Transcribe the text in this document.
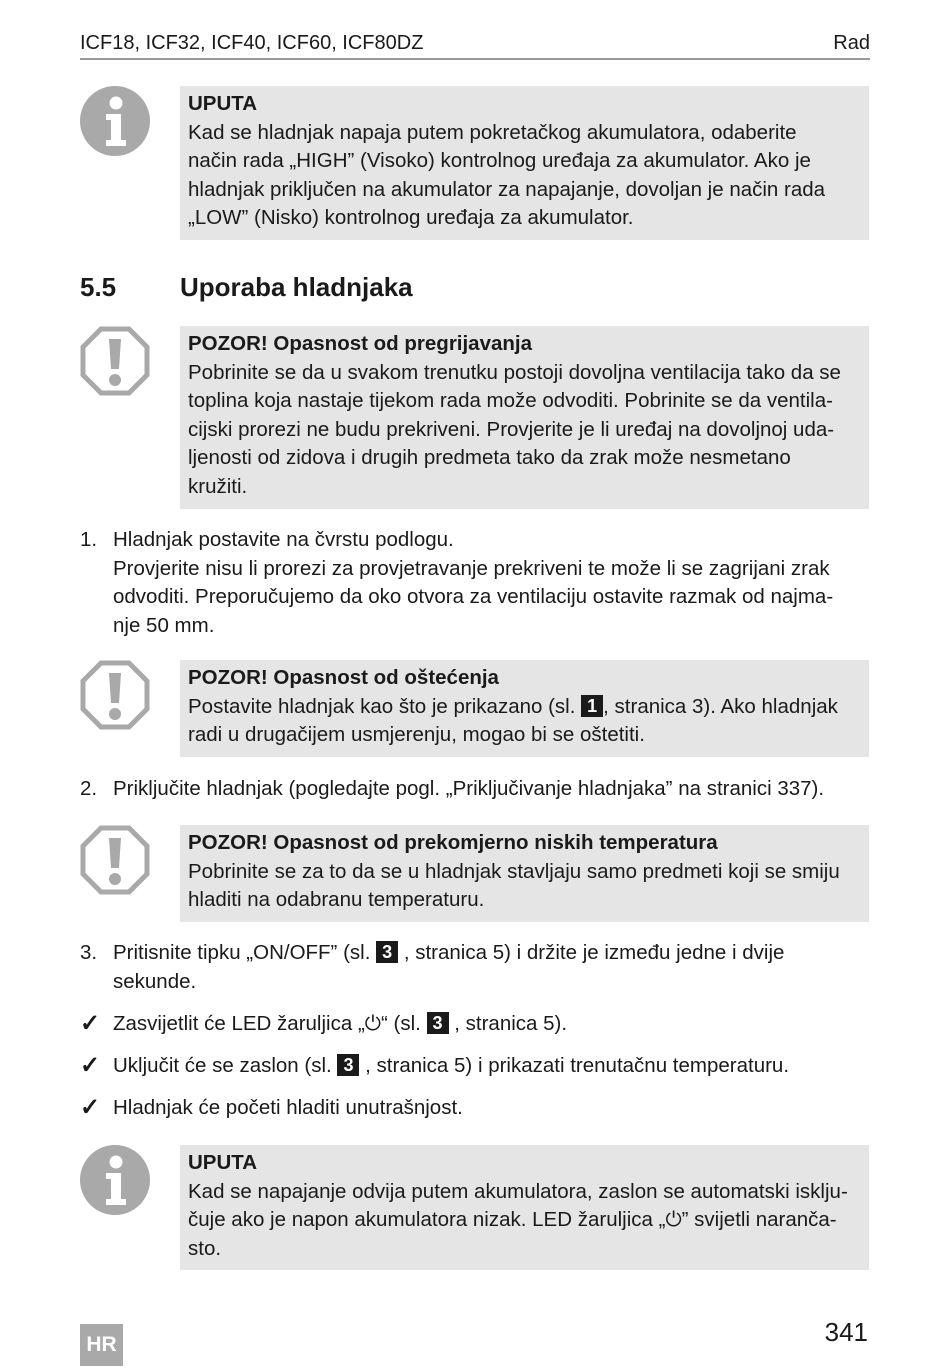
ICF18, ICF32, ICF40, ICF60, ICF80DZ	Rad
UPUTA
Kad se hladnjak napaja putem pokretačkog akumulatora, odaberite
način rada „HIGH” (Visoko) kontrolnog uređaja za akumulator. Ako je
hladnjak priključen na akumulator za napajanje, dovoljan je način rada
„LOW” (Nisko) kontrolnog uređaja za akumulator.
5.5 Uporaba hladnjaka
POZOR! Opasnost od pregrijavanja
Pobrinite se da u svakom trenutku postoji dovoljna ventilacija tako da se
toplina koja nastaje tijekom rada može odvoditi. Pobrinite se da ventila-
cijski prorezi ne budu prekriveni. Provjerite je li uređaj na dovoljnoj uda-
ljenosti od zidova i drugih predmeta tako da zrak može nesmetano
kružiti.
1. Hladnjak postavite na čvrstu podlogu.
Provjerite nisu li prorezi za provjetravanje prekriveni te može li se zagrijani zrak
odvoditi. Preporučujemo da oko otvora za ventilaciju ostavite razmak od najma-
nje 50 mm.
POZOR! Opasnost od oštećenja
Postavite hladnjak kao što je prikazano (sl. 1 , stranica 3). Ako hladnjak
radi u drugačijem usmjerenju, mogao bi se oštetiti.
2. Priključite hladnjak (pogledajte pogl. „Priključivanje hladnjaka” na stranici 337).
POZOR! Opasnost od prekomjerno niskih temperatura
Pobrinite se za to da se u hladnjak stavljaju samo predmeti koji se smiju
hladiti na odabranu temperaturu.
3. Pritisnite tipku „ON/OFF” (sl. 3 , stranica 5) i držite je između jedne i dvije
sekunde.
✓ Zasvijetlit će LED žaruljica „⏻“ (sl. 3 , stranica 5).
✓ Uključit će se zaslon (sl. 3 , stranica 5) i prikazati trenutačnu temperaturu.
✓ Hladnjak će početi hladiti unutrašnjost.
UPUTA
Kad se napajanje odvija putem akumulatora, zaslon se automatski isklju-
čuje ako je napon akumulatora nizak. LED žaruljica „⏻” svijetli naranča-
sto.
HR	341
